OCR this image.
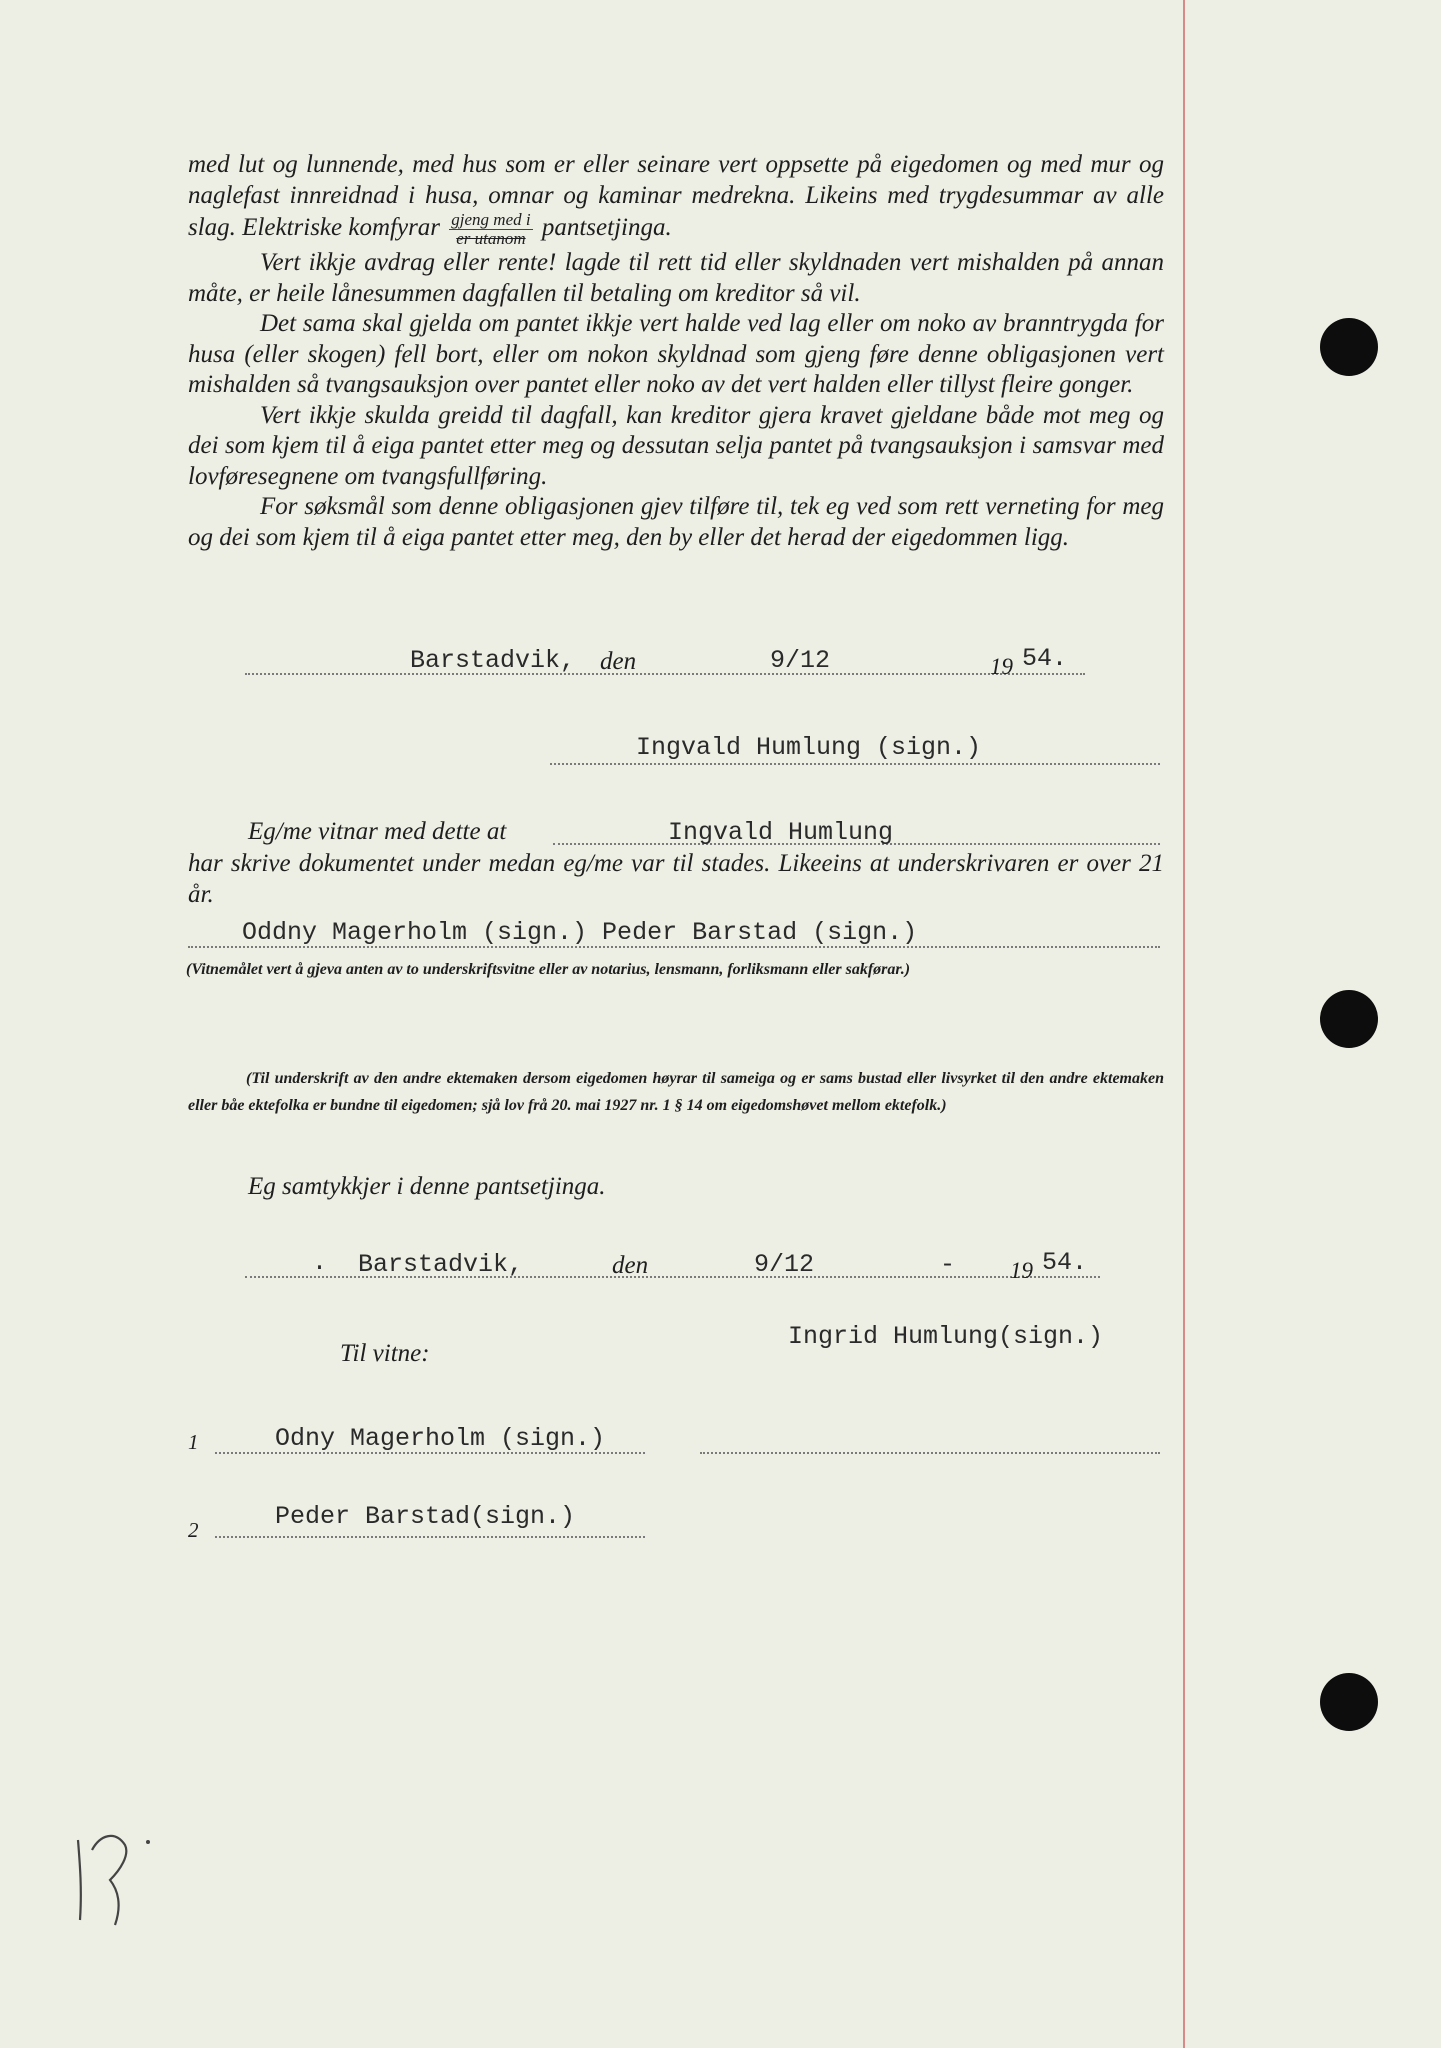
med lut og lunnende, med hus som er eller seinare vert oppsette på eigedomen og med mur og naglefast innreidnad i husa, omnar og kaminar medrekna. Likeins med trygdesummar av alle slag. Elektriske komfyrar $\frac{\text{gjeng med i}}{\text{er utanom}}$ pantsetjinga.

Vert ikkje avdrag eller rente! lagde til rett tid eller skyldnaden vert mishalden på annan måte, er heile lånesummen dagfallen til betaling om kreditor så vil.

Det sama skal gjelda om pantet ikkje vert halde ved lag eller om noko av branntrygda for husa (eller skogen) fell bort, eller om nokon skyldnad som gjeng føre denne obligasjonen vert mishalden så tvangsauksjon over pantet eller noko av det vert halden eller tillyst fleire gonger.

Vert ikkje skulda greidd til dagfall, kan kreditor gjera kravet gjeldane både mot meg og dei som kjem til å eiga pantet etter meg og dessutan selja pantet på tvangsauksjon i samsvar med lovføresegnene om tvangsfullføring.

For søksmål som denne obligasjonen gjev tilføre til, tek eg ved som rett verneting for meg og dei som kjem til å eiga pantet etter meg, den by eller det herad der eigedommen ligg.

Barstadvik, den	9/12	19 54.
Ingvald Humlung (sign.)
Eg/me vitnar med dette at	Ingvald Humlung
har skrive dokumentet under medan eg/me var til stades. Likeeins at underskrivaren er over 21 år.
Oddny Magerholm (sign.) Peder Barstad (sign.)
(Vitnemålet vert å gjeva anten av to underskriftsvitne eller av notarius, lensmann, forliksmann eller sakførar.)
(Til underskrift av den andre ektemaken dersom eigedomen høyrar til sameiga og er sams bustad eller livsyrket til den andre ektemaken eller båe ektefolka er bundne til eigedomen; sjå lov frå 20. mai 1927 nr. 1 § 14 om eigedomshøvet mellom ektefolk.)
Eg samtykkjer i denne pantsetjinga.
. Barstadvik,	den	9/12	- 19 54.
Ingrid Humlung(sign.)
Til vitne:
1	Odny Magerholm (sign.)
2	Peder Barstad(sign.)
